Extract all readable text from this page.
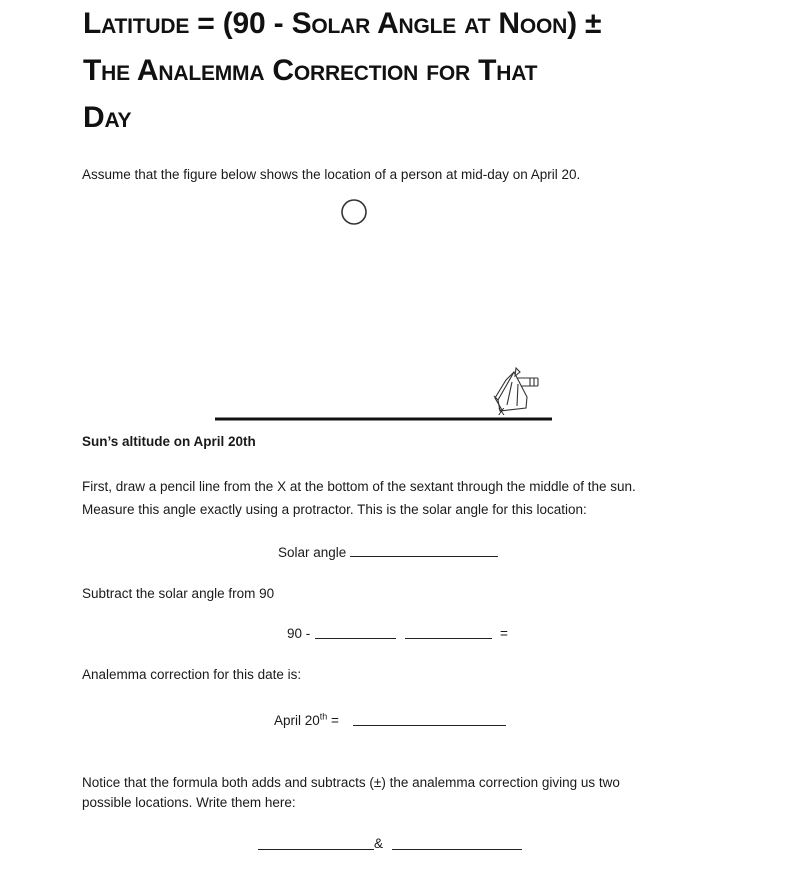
Latitude = (90 - Solar Angle at Noon) ±
The Analemma Correction for That
Day
Assume that the figure below shows the location of a person at mid-day on April 20.
X
Sun’s altitude on April 20th
First, draw a pencil line from the X at the bottom of the sextant through the middle of the sun.
Measure this angle exactly using a protractor. This is the solar angle for this location:
Solar angle
Subtract the solar angle from 90
90 -	=
Analemma correction for this date is:
April 20th =
Notice that the formula both adds and subtracts (±) the analemma correction giving us two
possible locations. Write them here:
&
